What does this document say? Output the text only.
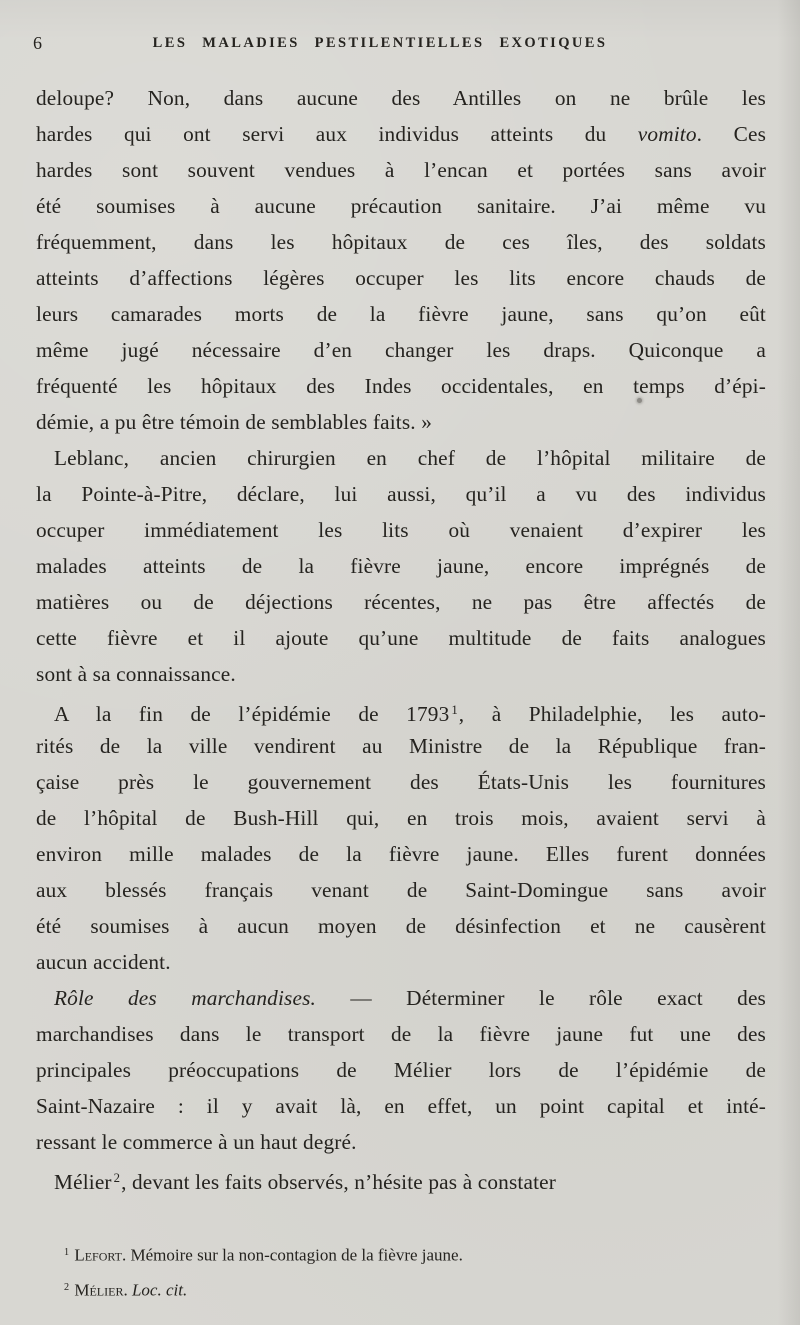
6	LES MALADIES PESTILENTIELLES EXOTIQUES
deloupe? Non, dans aucune des Antilles on ne brûle les
hardes qui ont servi aux individus atteints du vomito. Ces
hardes sont souvent vendues à l’encan et portées sans avoir
été soumises à aucune précaution sanitaire. J’ai même vu
fréquemment, dans les hôpitaux de ces îles, des soldats
atteints d’affections légères occuper les lits encore chauds de
leurs camarades morts de la fièvre jaune, sans qu’on eût
même jugé nécessaire d’en changer les draps. Quiconque a
fréquenté les hôpitaux des Indes occidentales, en temps d’épi-
démie, a pu être témoin de semblables faits. »
Leblanc, ancien chirurgien en chef de l’hôpital militaire de
la Pointe-à-Pitre, déclare, lui aussi, qu’il a vu des individus
occuper immédiatement les lits où venaient d’expirer les
malades atteints de la fièvre jaune, encore imprégnés de
matières ou de déjections récentes, ne pas être affectés de
cette fièvre et il ajoute qu’une multitude de faits analogues
sont à sa connaissance.
A la fin de l’épidémie de 1793 $^1$, à Philadelphie, les auto-
rités de la ville vendirent au Ministre de la République fran-
çaise près le gouvernement des États-Unis les fournitures
de l’hôpital de Bush-Hill qui, en trois mois, avaient servi à
environ mille malades de la fièvre jaune. Elles furent données
aux blessés français venant de Saint-Domingue sans avoir
été soumises à aucun moyen de désinfection et ne causèrent
aucun accident.
Rôle des marchandises. — Déterminer le rôle exact des
marchandises dans le transport de la fièvre jaune fut une des
principales préoccupations de Mélier lors de l’épidémie de
Saint-Nazaire : il y avait là, en effet, un point capital et inté-
ressant le commerce à un haut degré.
Mélier $^2$, devant les faits observés, n’hésite pas à constater
$^1$ Lefort. Mémoire sur la non-contagion de la fièvre jaune.
$^2$ Mélier. Loc. cit.
